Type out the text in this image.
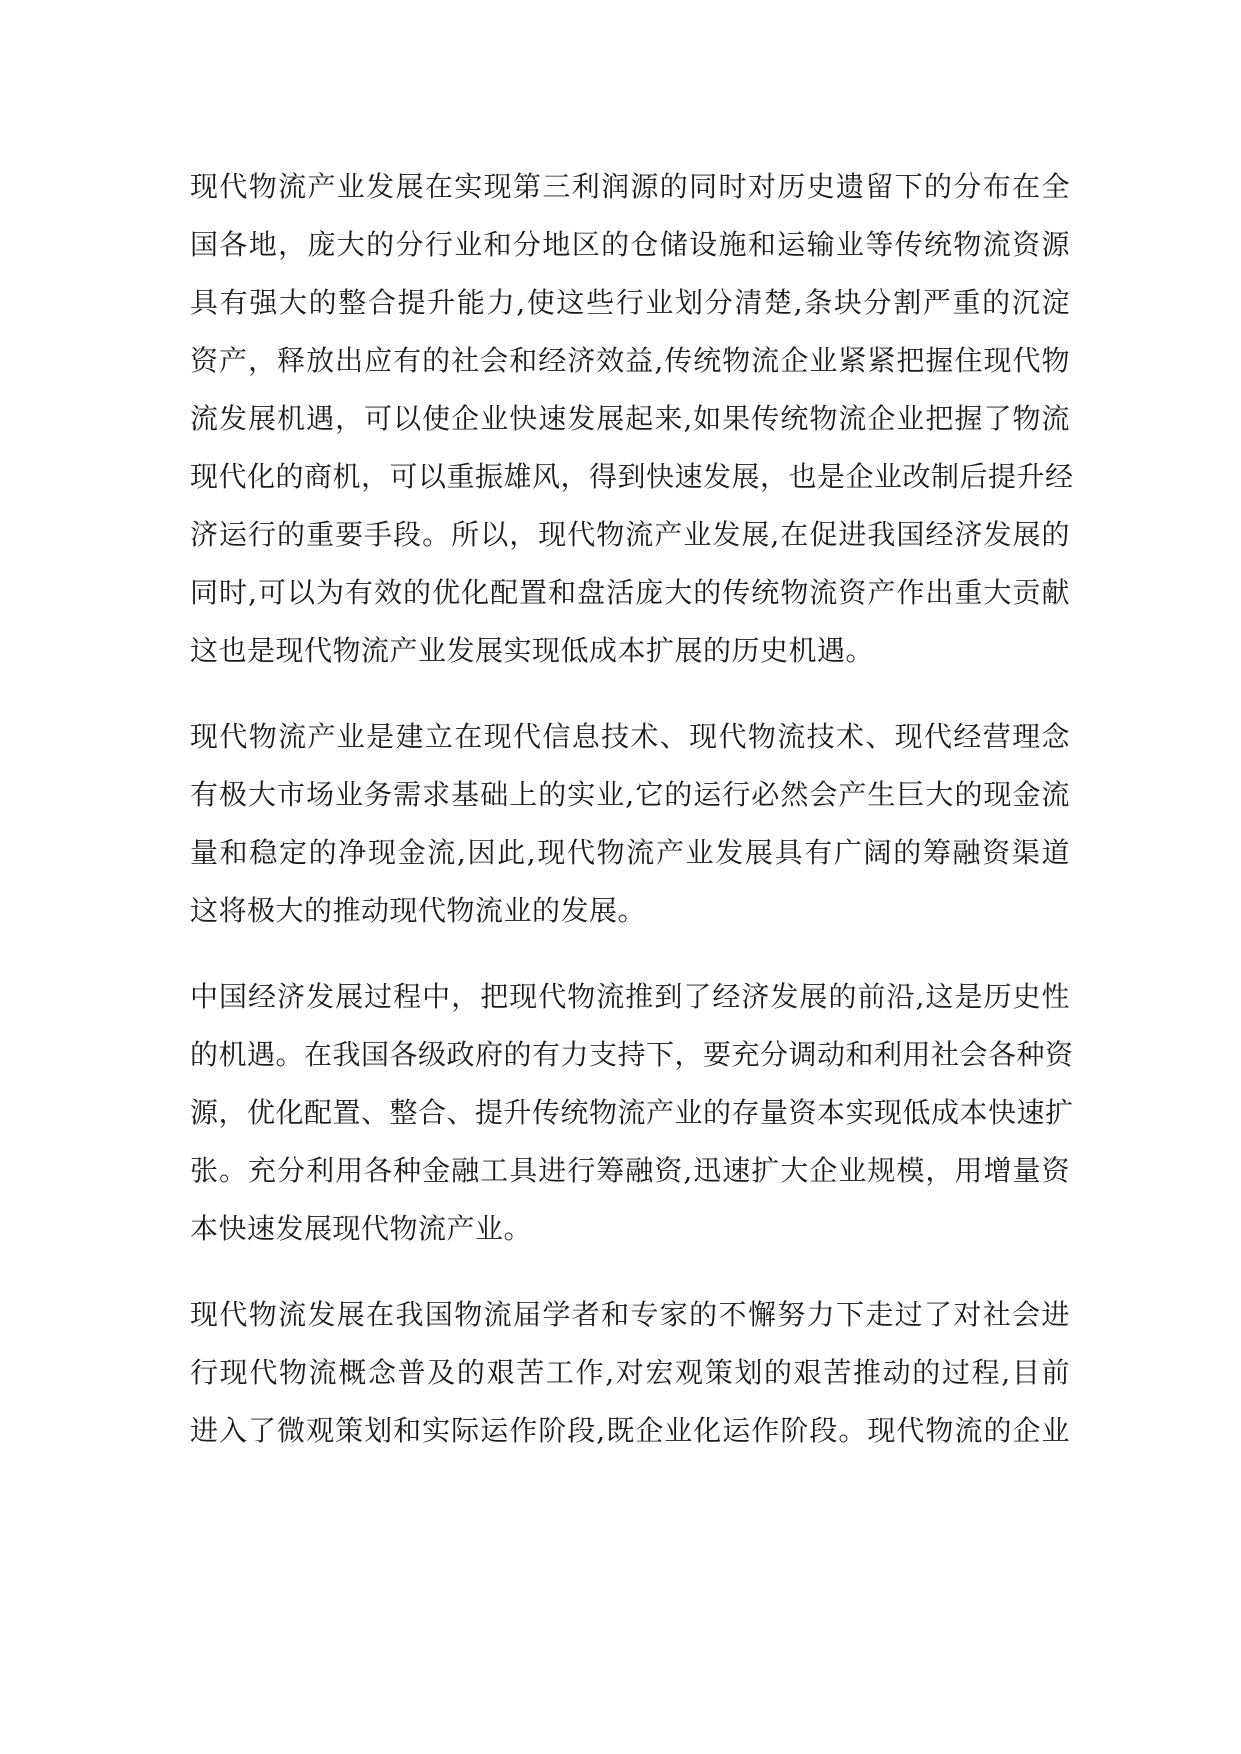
现代物流产业发展在实现第三利润源的同时对历史遗留下的分布在全
国各地，庞大的分行业和分地区的仓储设施和运输业等传统物流资源
具有强大的整合提升能力,使这些行业划分清楚,条块分割严重的沉淀
资产，释放出应有的社会和经济效益,传统物流企业紧紧把握住现代物
流发展机遇，可以使企业快速发展起来,如果传统物流企业把握了物流
现代化的商机，可以重振雄风，得到快速发展，也是企业改制后提升经
济运行的重要手段。所以，现代物流产业发展,在促进我国经济发展的
同时,可以为有效的优化配置和盘活庞大的传统物流资产作出重大贡献
这也是现代物流产业发展实现低成本扩展的历史机遇。
现代物流产业是建立在现代信息技术、现代物流技术、现代经营理念
有极大市场业务需求基础上的实业,它的运行必然会产生巨大的现金流
量和稳定的净现金流,因此,现代物流产业发展具有广阔的筹融资渠道
这将极大的推动现代物流业的发展。
中国经济发展过程中，把现代物流推到了经济发展的前沿,这是历史性
的机遇。在我国各级政府的有力支持下，要充分调动和利用社会各种资
源，优化配置、整合、提升传统物流产业的存量资本实现低成本快速扩
张。充分利用各种金融工具进行筹融资,迅速扩大企业规模，用增量资
本快速发展现代物流产业。
现代物流发展在我国物流届学者和专家的不懈努力下走过了对社会进
行现代物流概念普及的艰苦工作,对宏观策划的艰苦推动的过程,目前
进入了微观策划和实际运作阶段,既企业化运作阶段。现代物流的企业
